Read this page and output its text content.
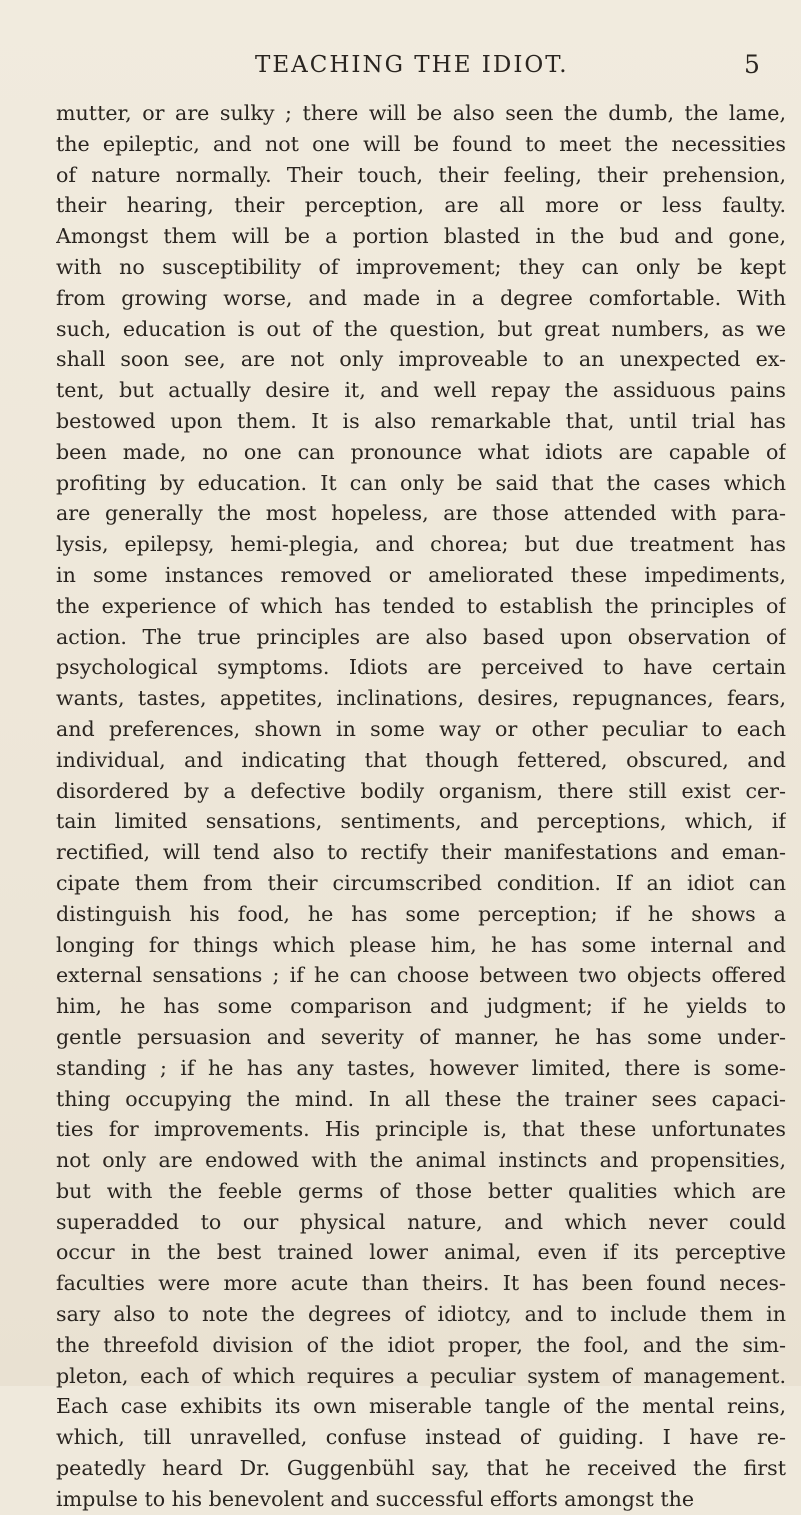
TEACHING THE IDIOT.	5
mutter, or are sulky ; there will be also seen the dumb, the lame,
the epileptic, and not one will be found to meet the necessities
of nature normally. Their touch, their feeling, their prehension,
their hearing, their perception, are all more or less faulty.
Amongst them will be a portion blasted in the bud and gone,
with no susceptibility of improvement; they can only be kept
from growing worse, and made in a degree comfortable. With
such, education is out of the question, but great numbers, as we
shall soon see, are not only improveable to an unexpected ex-
tent, but actually desire it, and well repay the assiduous pains
bestowed upon them. It is also remarkable that, until trial has
been made, no one can pronounce what idiots are capable of
profiting by education. It can only be said that the cases which
are generally the most hopeless, are those attended with para-
lysis, epilepsy, hemi-plegia, and chorea; but due treatment has
in some instances removed or ameliorated these impediments,
the experience of which has tended to establish the principles of
action. The true principles are also based upon observation of
psychological symptoms. Idiots are perceived to have certain
wants, tastes, appetites, inclinations, desires, repugnances, fears,
and preferences, shown in some way or other peculiar to each
individual, and indicating that though fettered, obscured, and
disordered by a defective bodily organism, there still exist cer-
tain limited sensations, sentiments, and perceptions, which, if
rectified, will tend also to rectify their manifestations and eman-
cipate them from their circumscribed condition. If an idiot can
distinguish his food, he has some perception; if he shows a
longing for things which please him, he has some internal and
external sensations ; if he can choose between two objects offered
him, he has some comparison and judgment; if he yields to
gentle persuasion and severity of manner, he has some under-
standing ; if he has any tastes, however limited, there is some-
thing occupying the mind. In all these the trainer sees capaci-
ties for improvements. His principle is, that these unfortunates
not only are endowed with the animal instincts and propensities,
but with the feeble germs of those better qualities which are
superadded to our physical nature, and which never could
occur in the best trained lower animal, even if its perceptive
faculties were more acute than theirs. It has been found neces-
sary also to note the degrees of idiotcy, and to include them in
the threefold division of the idiot proper, the fool, and the sim-
pleton, each of which requires a peculiar system of management.
Each case exhibits its own miserable tangle of the mental reins,
which, till unravelled, confuse instead of guiding. I have re-
peatedly heard Dr. Guggenbühl say, that he received the first
impulse to his benevolent and successful efforts amongst the
